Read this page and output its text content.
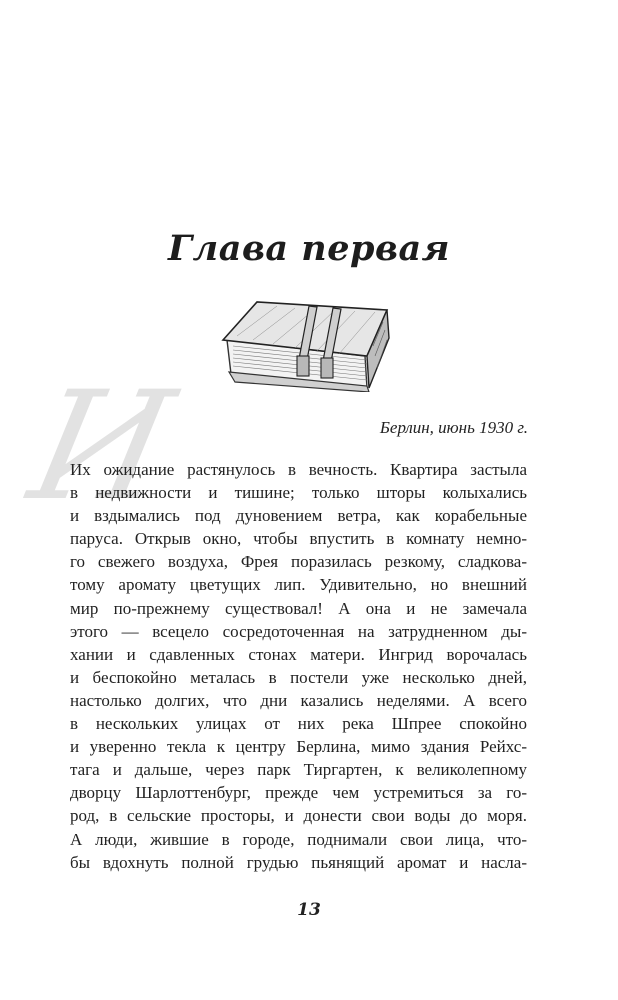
Глава первая
И	Берлин, июнь 1930 г.
Их ожидание растянулось в вечность. Квартира застыла
в недвижности и тишине; только шторы колыхались
и вздымались под дуновением ветра, как корабельные
паруса. Открыв окно, чтобы впустить в комнату немно-
го свежего воздуха, Фрея поразилась резкому, сладкова-
тому аромату цветущих лип. Удивительно, но внешний
мир по-прежнему существовал! А она и не замечала
этого — всецело сосредоточенная на затрудненном ды-
хании и сдавленных стонах матери. Ингрид ворочалась
и беспокойно металась в постели уже несколько дней,
настолько долгих, что дни казались неделями. А всего
в нескольких улицах от них река Шпрее спокойно
и уверенно текла к центру Берлина, мимо здания Рейхс-
тага и дальше, через парк Тиргартен, к великолепному
дворцу Шарлоттенбург, прежде чем устремиться за го-
род, в сельские просторы, и донести свои воды до моря.
А люди, жившие в городе, поднимали свои лица, что-
бы вдохнуть полной грудью пьянящий аромат и насла-
13
